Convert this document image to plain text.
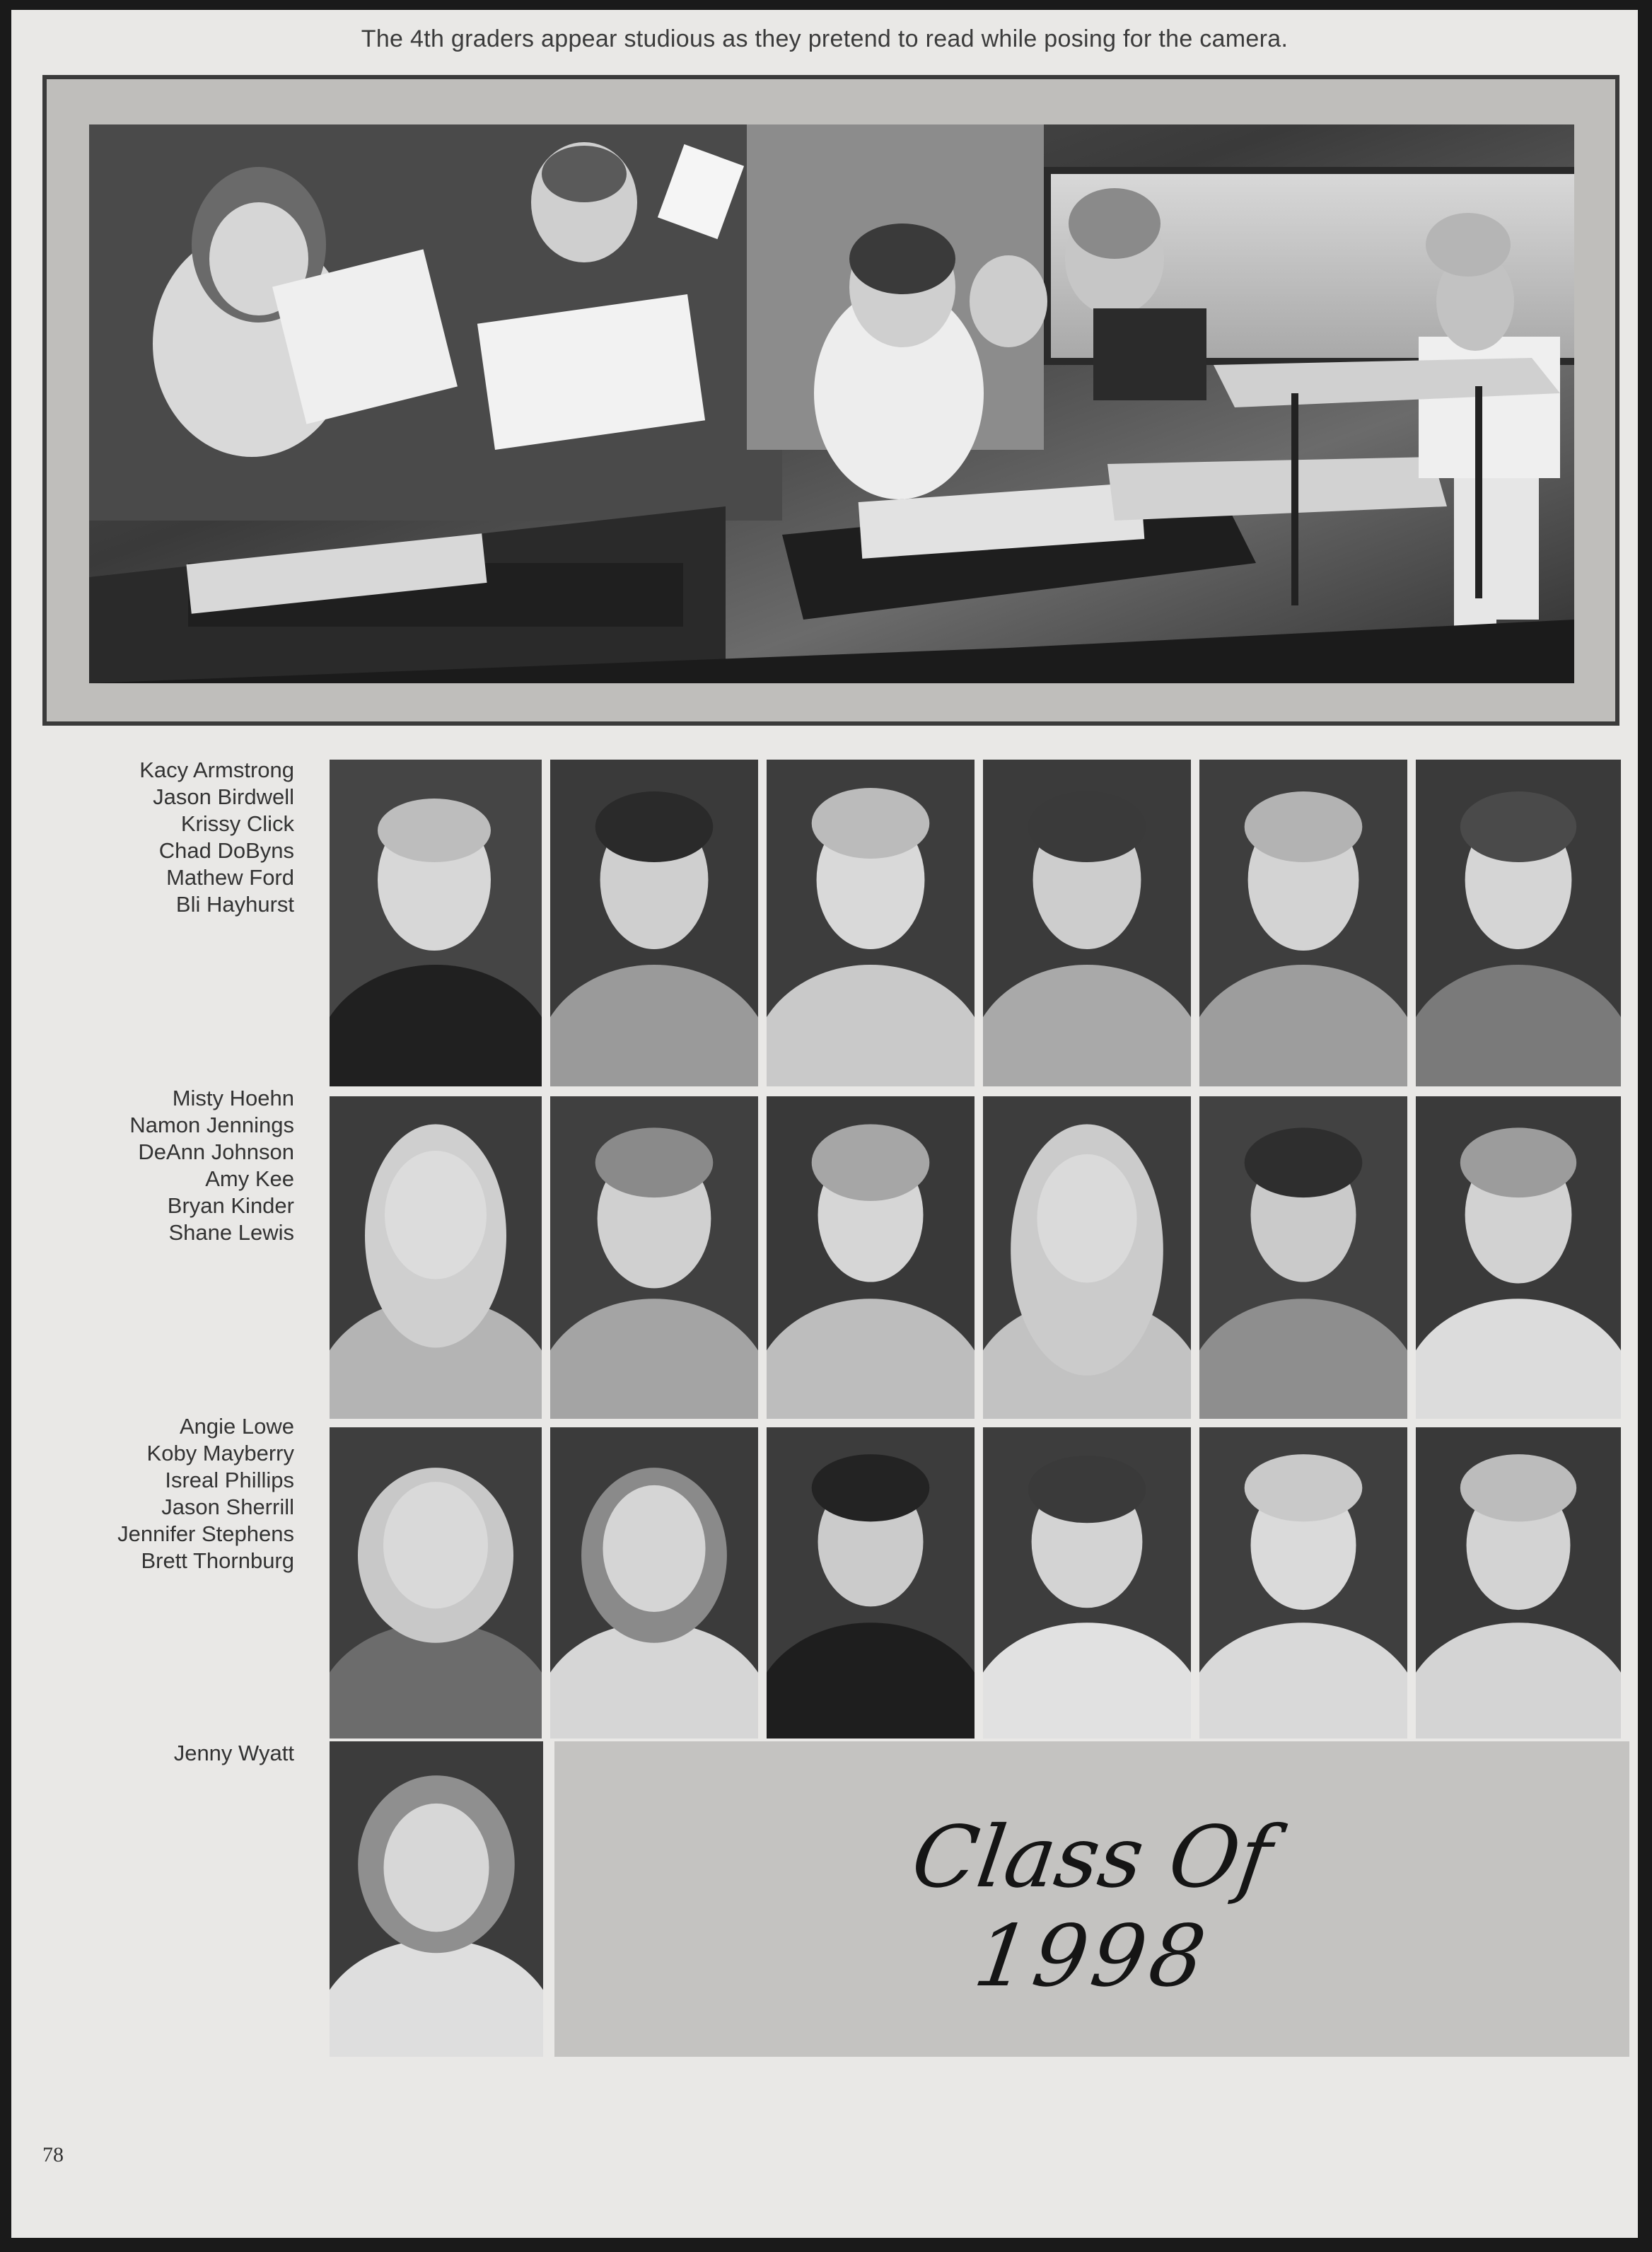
The 4th graders appear studious as they pretend to read while posing for the camera.
Kacy Armstrong
Jason Birdwell
Krissy Click
Chad DoByns
Mathew Ford
Bli Hayhurst
Misty Hoehn
Namon Jennings
DeAnn Johnson
Amy Kee
Bryan Kinder
Shane Lewis
Angie Lowe
Koby Mayberry
Isreal Phillips
Jason Sherrill
Jennifer Stephens
Brett Thornburg
Jenny Wyatt
Class Of
1998
78
